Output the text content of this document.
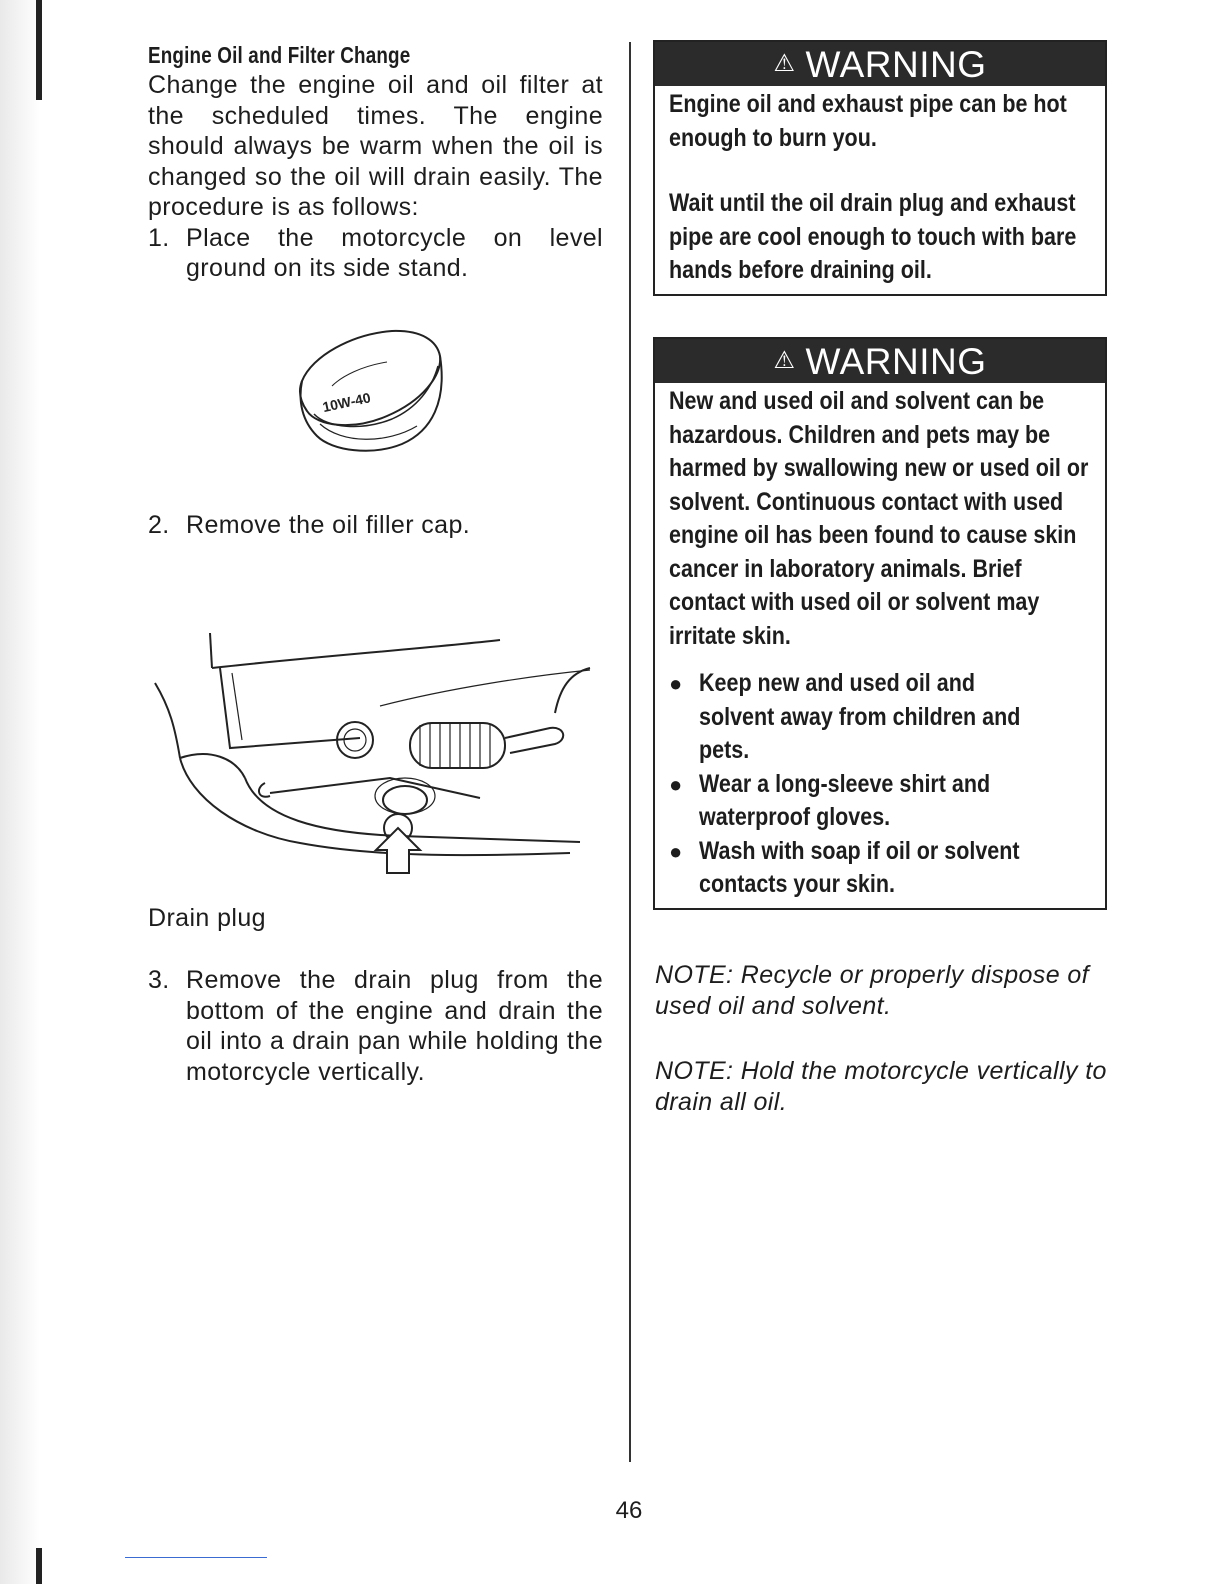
Engine Oil and Filter Change

Change the engine oil and oil filter at the scheduled times. The engine should always be warm when the oil is changed so the oil will drain easily. The procedure is as follows:

1. Place the motorcycle on level ground on its side stand.
10W-40
2. Remove the oil filler cap.

Drain plug

3. Remove the drain plug from the bottom of the engine and drain the oil into a drain pan while holding the motorcycle vertically.
⚠ WARNING

Engine oil and exhaust pipe can be hot enough to burn you.

Wait until the oil drain plug and exhaust pipe are cool enough to touch with bare hands before draining oil.

⚠ WARNING

New and used oil and solvent can be hazardous. Children and pets may be harmed by swallowing new or used oil or solvent. Continuous contact with used engine oil has been found to cause skin cancer in laboratory animals. Brief contact with used oil or solvent may irritate skin.

● Keep new and used oil and solvent away from children and pets.
● Wear a long-sleeve shirt and waterproof gloves.
● Wash with soap if oil or solvent contacts your skin.

NOTE: Recycle or properly dispose of used oil and solvent.

NOTE: Hold the motorcycle vertically to drain all oil.

46
